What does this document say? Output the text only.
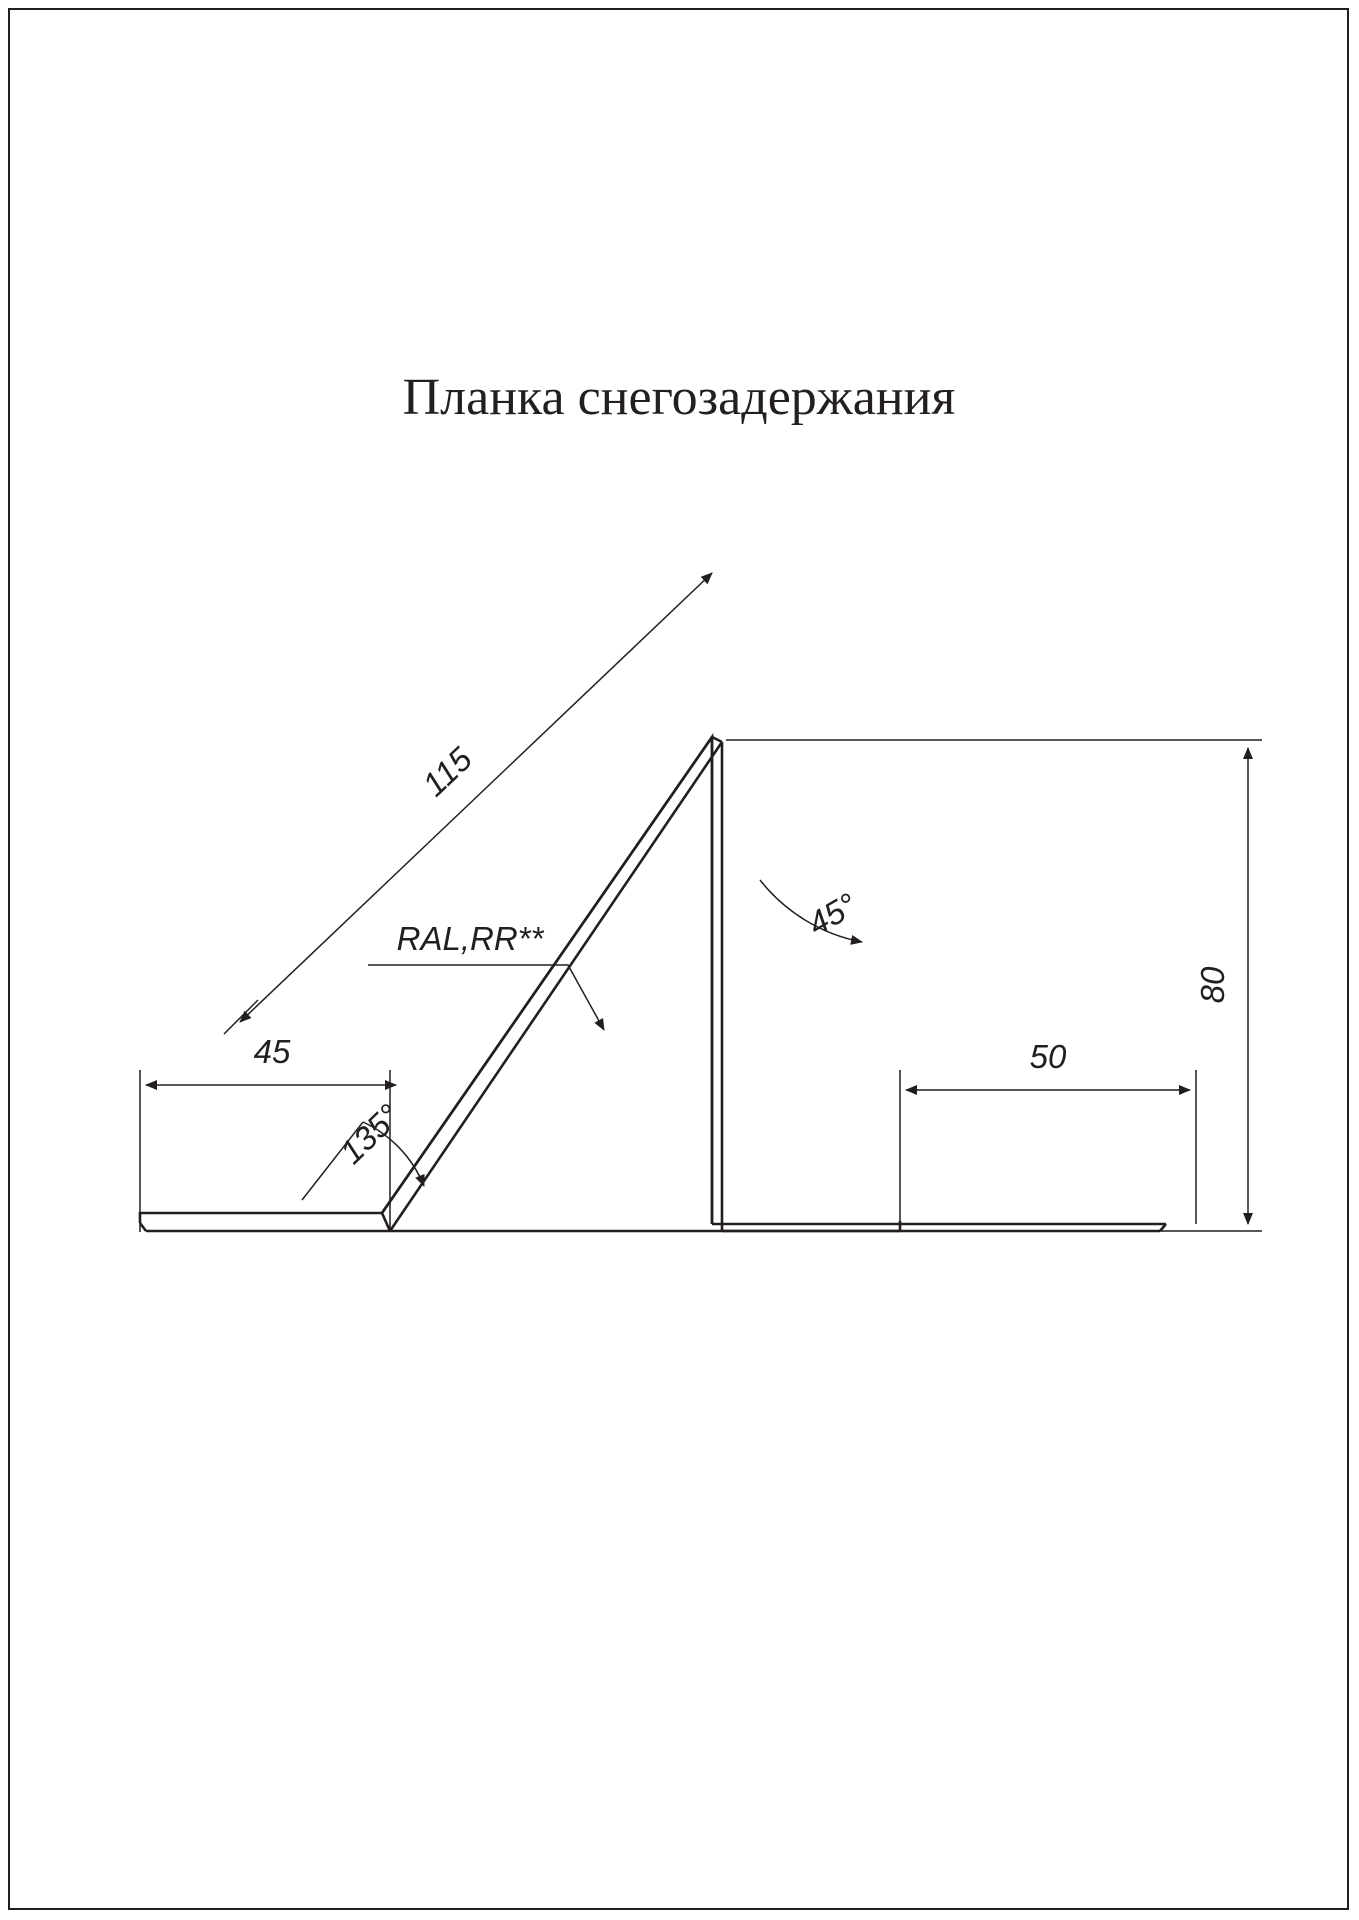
Планка снегозадержания
45
115
135°
45°
80
50
RAL,RR**
